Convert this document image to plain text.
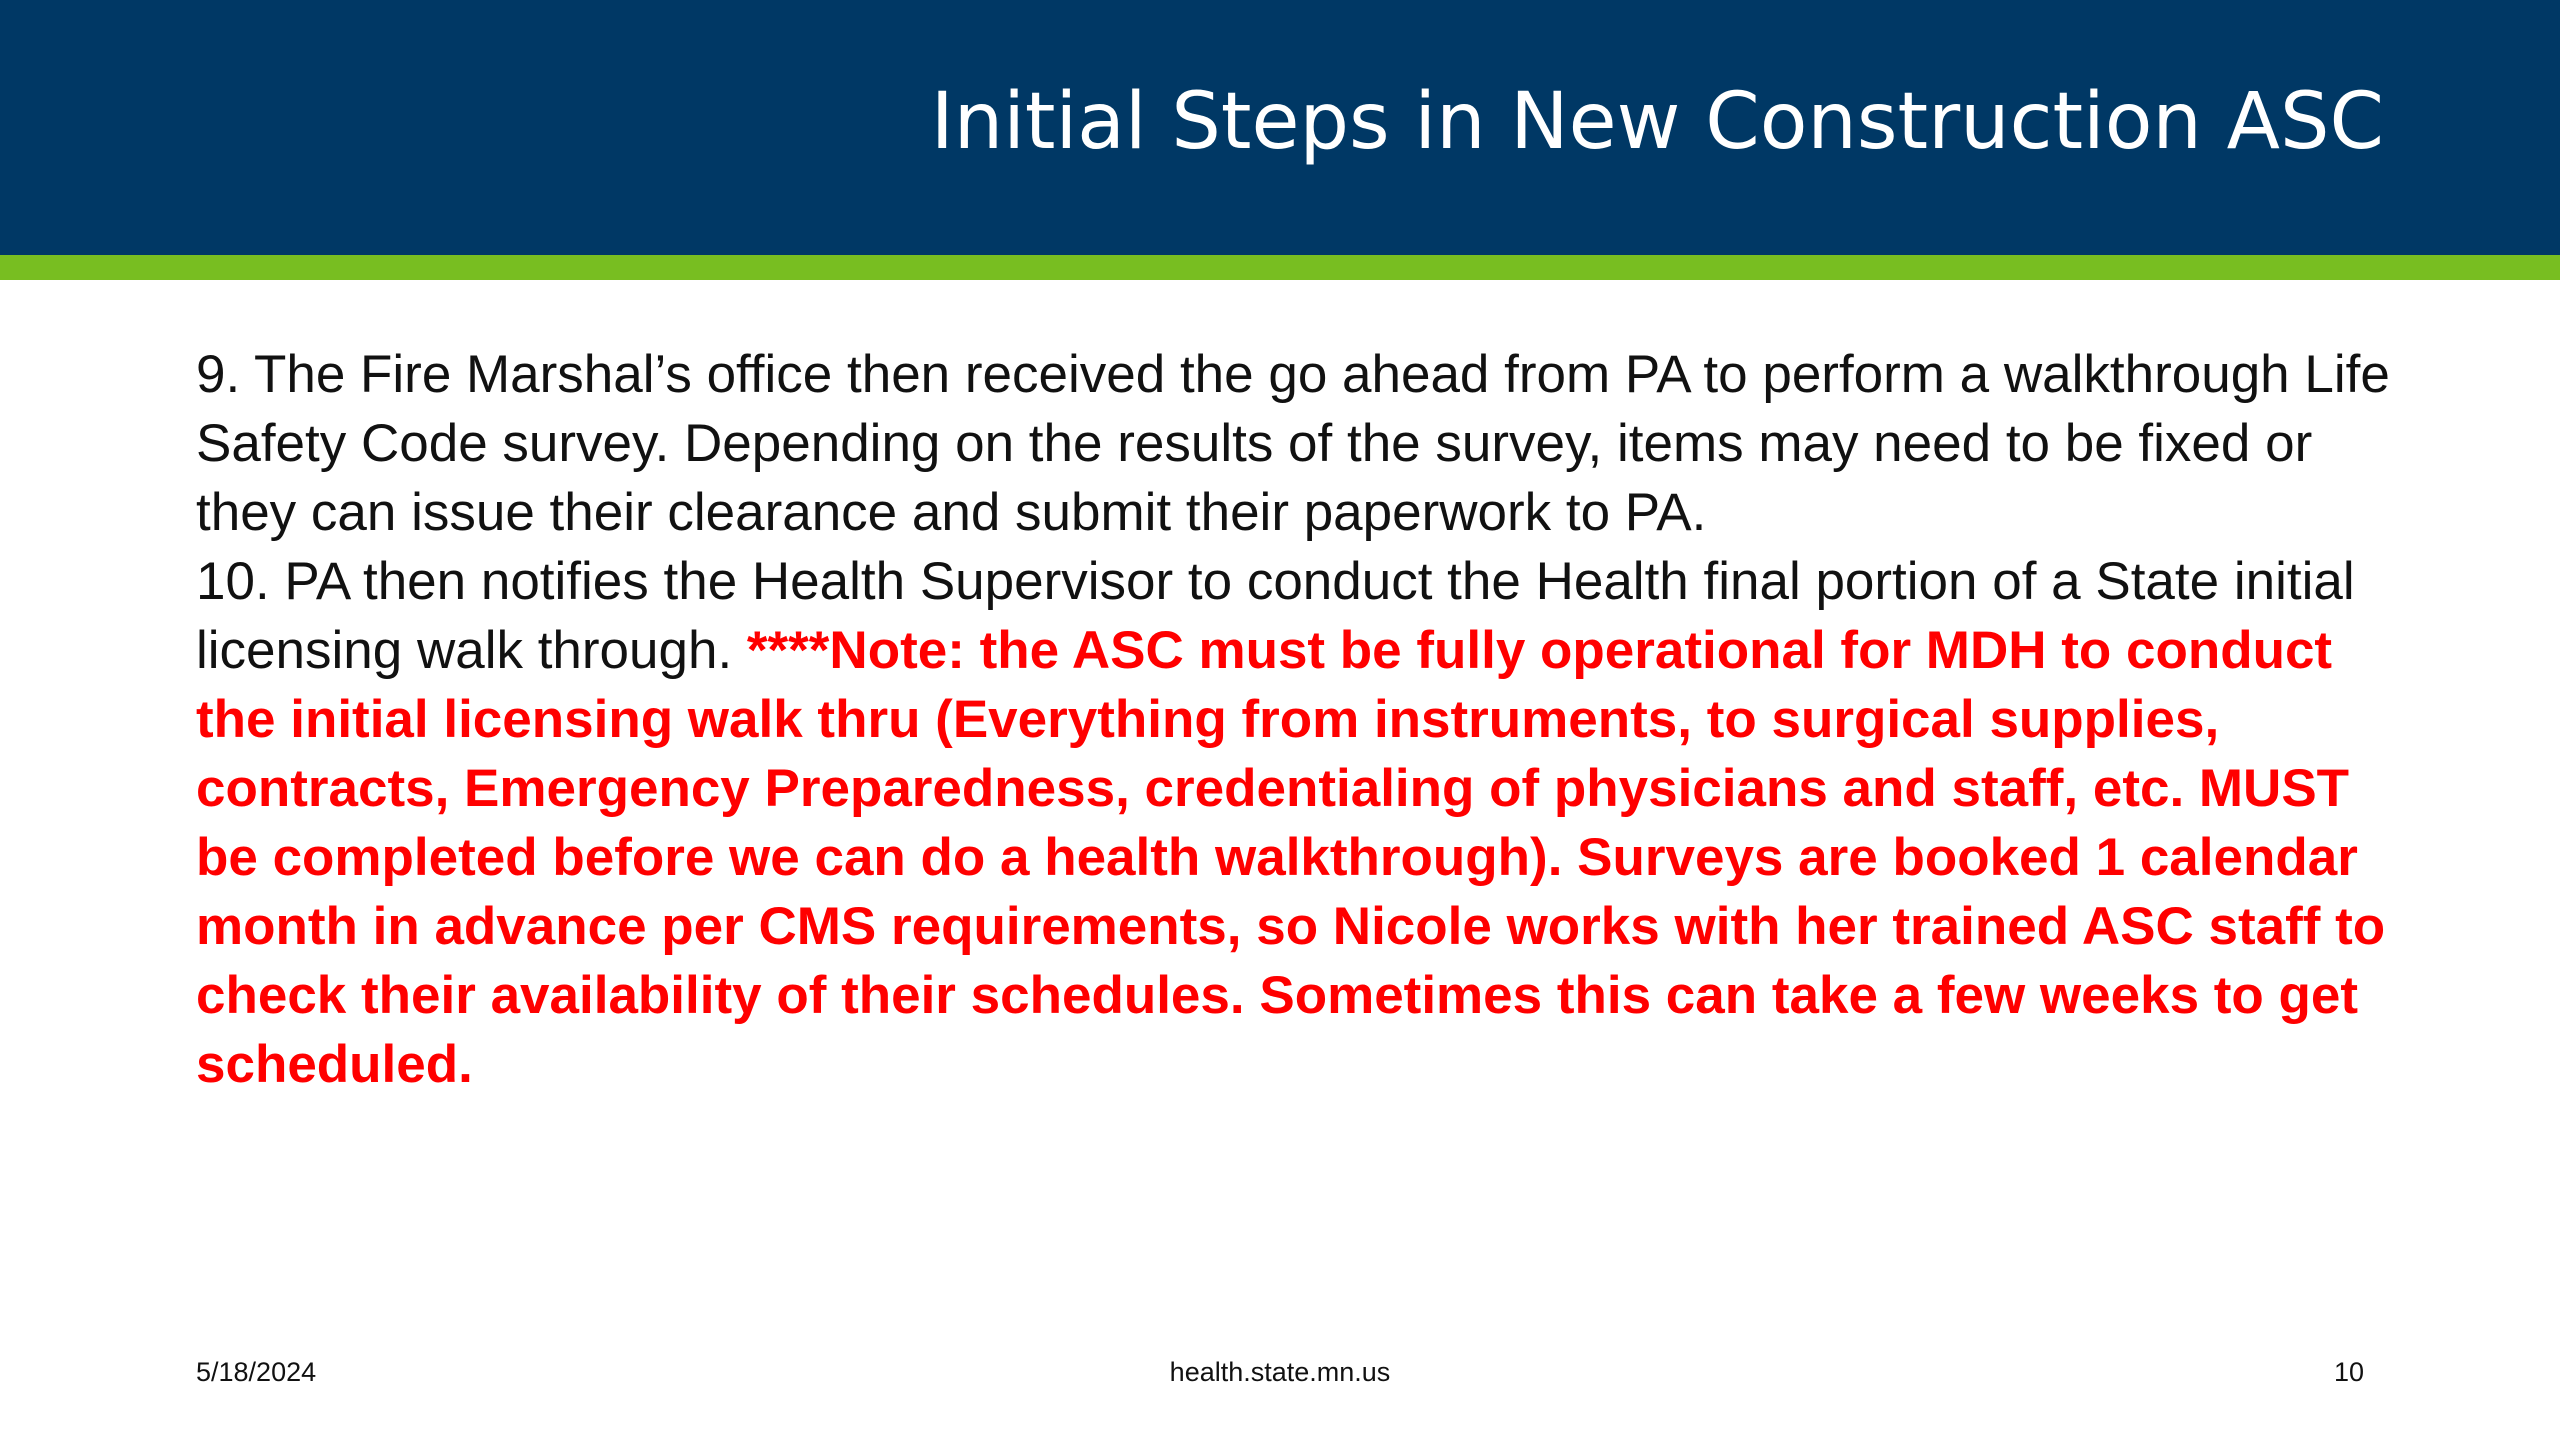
Initial Steps in New Construction ASC

9. The Fire Marshal’s office then received the go ahead from PA to perform a walkthrough Life Safety Code survey. Depending on the results of the survey, items may need to be fixed or they can issue their clearance and submit their paperwork to PA.

10. PA then notifies the Health Supervisor to conduct the Health final portion of a State initial licensing walk through. ****Note: the ASC must be fully operational for MDH to conduct the initial licensing walk thru (Everything from instruments, to surgical supplies, contracts, Emergency Preparedness, credentialing of physicians and staff, etc. MUST be completed before we can do a health walkthrough). Surveys are booked 1 calendar month in advance per CMS requirements, so Nicole works with her trained ASC staff to check their availability of their schedules. Sometimes this can take a few weeks to get scheduled.

5/18/2024	health.state.mn.us	10
